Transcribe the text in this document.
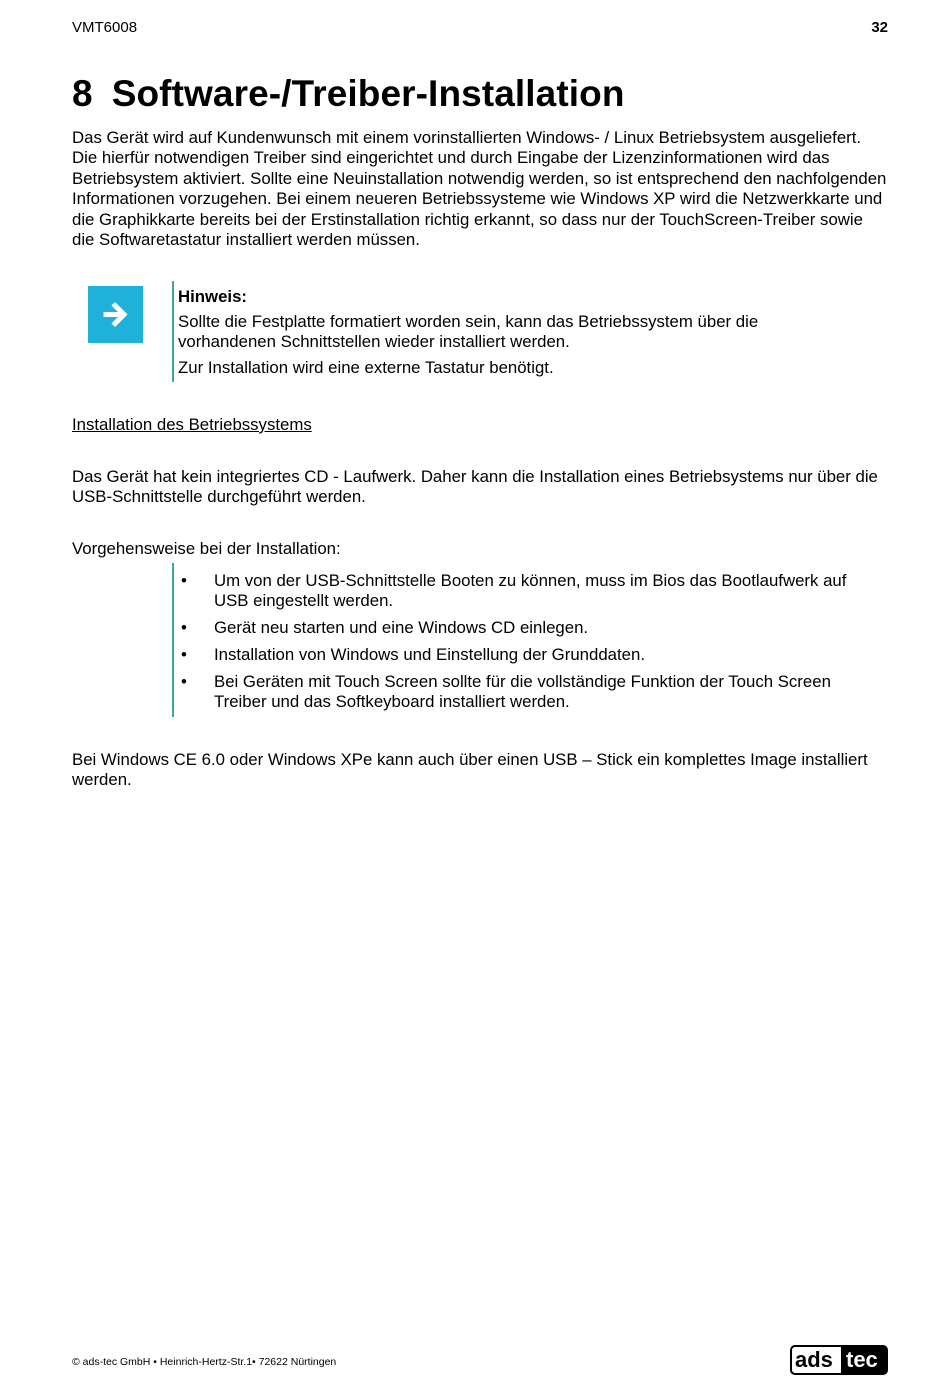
VMT6008	32
8 Software-/Treiber-Installation

Das Gerät wird auf Kundenwunsch mit einem vorinstallierten Windows- / Linux Betriebsystem ausgeliefert. Die hierfür notwendigen Treiber sind eingerichtet und durch Eingabe der Lizenzinformationen wird das Betriebsystem aktiviert. Sollte eine Neuinstallation notwendig werden, so ist entsprechend den nachfolgenden Informationen vorzugehen. Bei einem neueren Betriebssysteme wie Windows XP wird die Netzwerkkarte und die Graphikkarte bereits bei der Erstinstallation richtig erkannt, so dass nur der TouchScreen-Treiber sowie die Softwaretastatur installiert werden müssen.

Hinweis:

Sollte die Festplatte formatiert worden sein, kann das Betriebssystem über die vorhandenen Schnittstellen wieder installiert werden.

Zur Installation wird eine externe Tastatur benötigt.

Installation des Betriebssystems

Das Gerät hat kein integriertes CD - Laufwerk. Daher kann die Installation eines Betriebsystems nur über die USB-Schnittstelle durchgeführt werden.

Vorgehensweise bei der Installation:

• Um von der USB-Schnittstelle Booten zu können, muss im Bios das Bootlaufwerk auf USB eingestellt werden.

• Gerät neu starten und eine Windows CD einlegen.

• Installation von Windows und Einstellung der Grunddaten.

• Bei Geräten mit Touch Screen sollte für die vollständige Funktion der Touch Screen Treiber und das Softkeyboard installiert werden.

Bei Windows CE 6.0 oder Windows XPe kann auch über einen USB – Stick ein komplettes Image installiert werden.

© ads-tec GmbH • Heinrich-Hertz-Str.1• 72622 Nürtingen	ads tec
